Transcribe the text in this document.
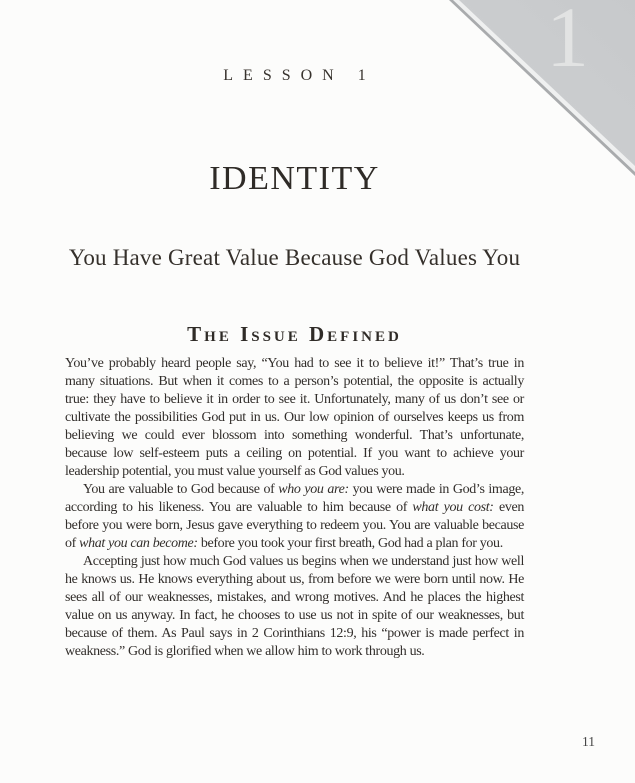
1
LESSON 1
IDENTITY
You Have Great Value Because God Values You
The Issue Defined

You’ve probably heard people say, “You had to see it to believe it!” That’s true in many situations. But when it comes to a person’s potential, the opposite is actually true: they have to believe it in order to see it. Unfortunately, many of us don’t see or cultivate the possibilities God put in us. Our low opinion of ourselves keeps us from believing we could ever blossom into something wonderful. That’s unfortunate, because low self-esteem puts a ceiling on potential. If you want to achieve your leadership potential, you must value yourself as God values you.

You are valuable to God because of who you are: you were made in God’s image, according to his likeness. You are valuable to him because of what you cost: even before you were born, Jesus gave everything to redeem you. You are valuable because of what you can become: before you took your first breath, God had a plan for you.

Accepting just how much God values us begins when we understand just how well he knows us. He knows everything about us, from before we were born until now. He sees all of our weaknesses, mistakes, and wrong motives. And he places the highest value on us anyway. In fact, he chooses to use us not in spite of our weaknesses, but because of them. As Paul says in 2 Corinthians 12:9, his “power is made perfect in weakness.” God is glorified when we allow him to work through us.

11
